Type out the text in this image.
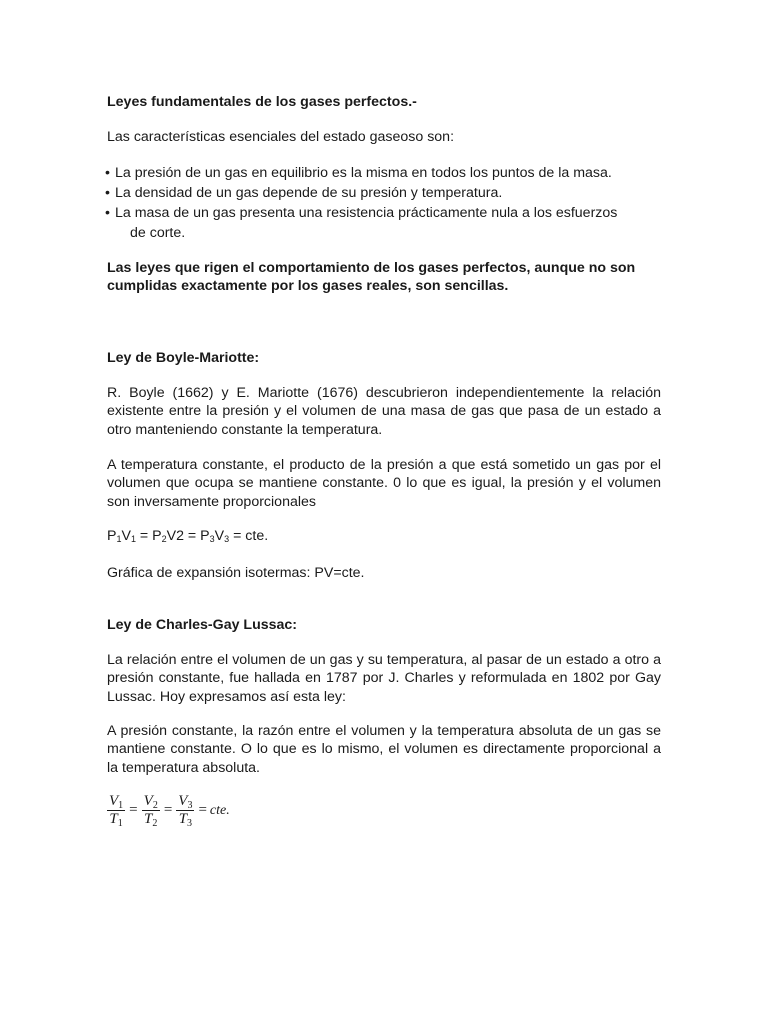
Leyes fundamentales de los gases perfectos.-

Las características esenciales del estado gaseoso son:

• La presión de un gas en equilibrio es la misma en todos los puntos de la masa.
• La densidad de un gas depende de su presión y temperatura.
• La masa de un gas presenta una resistencia prácticamente nula a los esfuerzos
de corte.

Las leyes que rigen el comportamiento de los gases perfectos, aunque no son cumplidas exactamente por los gases reales, son sencillas.

Ley de Boyle-Mariotte:

R. Boyle (1662) y E. Mariotte (1676) descubrieron independientemente la relación existente entre la presión y el volumen de una masa de gas que pasa de un estado a otro manteniendo constante la temperatura.

A temperatura constante, el producto de la presión a que está sometido un gas por el volumen que ocupa se mantiene constante. 0 lo que es igual, la presión y el volumen son inversamente proporcionales

$P_1V_1 = P_2V2 = P_3V_3$ = cte.

Gráfica de expansión isotermas: PV=cte.

Ley de Charles-Gay Lussac:

La relación entre el volumen de un gas y su temperatura, al pasar de un estado a otro a presión constante, fue hallada en 1787 por J. Charles y reformulada en 1802 por Gay Lussac. Hoy expresamos así esta ley:

A presión constante, la razón entre el volumen y la temperatura absoluta de un gas se mantiene constante. O lo que es lo mismo, el volumen es directamente proporcional a la temperatura absoluta.

$\frac{V_1}{T_1} = \frac{V_2}{T_2} = \frac{V_3}{T_3}$ = cte.
